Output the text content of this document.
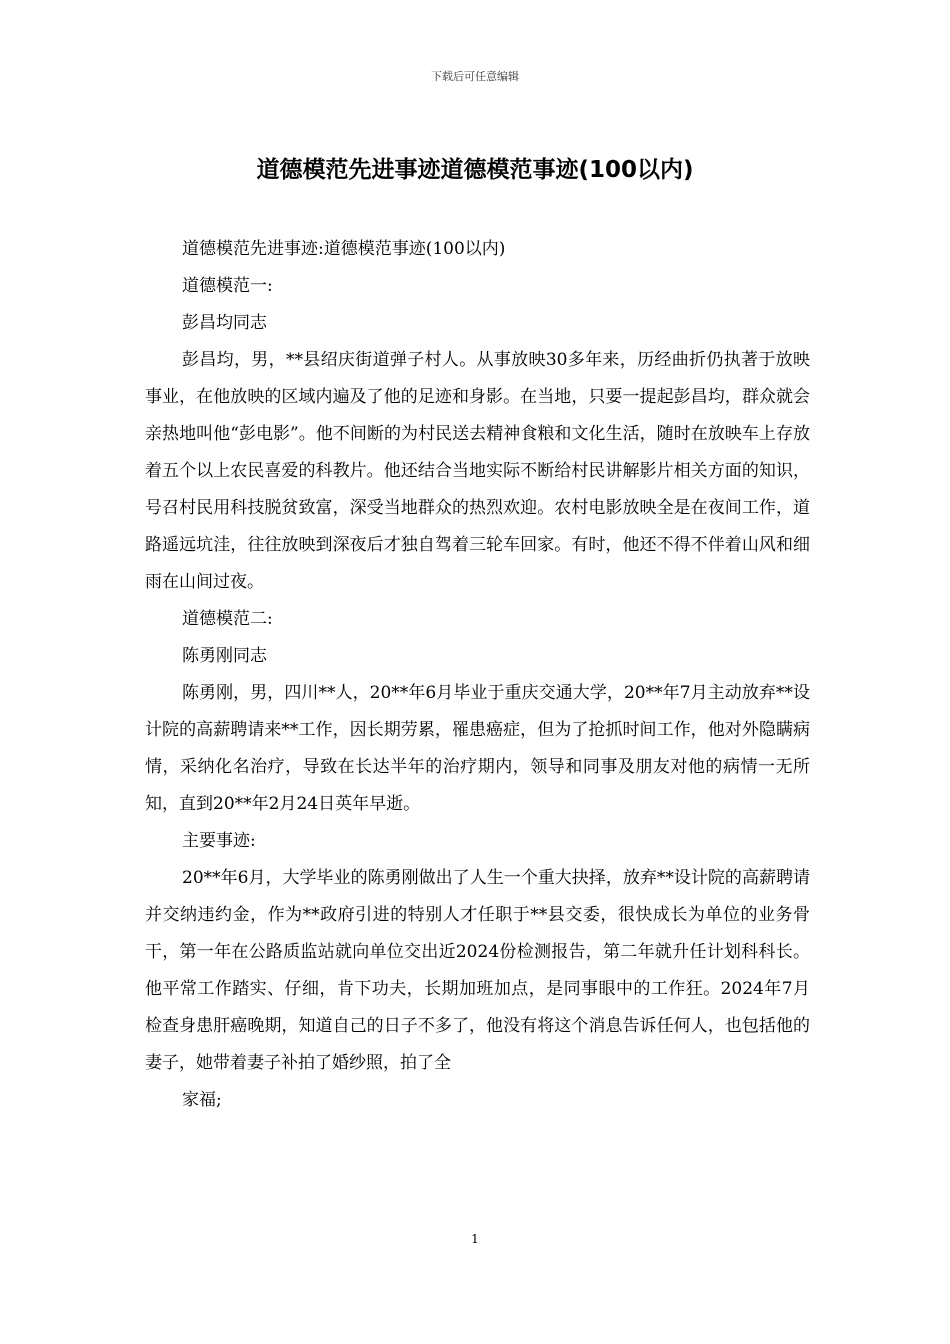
下载后可任意编辑
道德模范先进事迹道德模范事迹(100以内)

道德模范先进事迹:道德模范事迹(100以内)

道德模范一:

彭昌均同志

彭昌均，男，**县绍庆街道弹子村人。从事放映30多年来，历经曲折仍执著于放映事业，在他放映的区域内遍及了他的足迹和身影。在当地，只要一提起彭昌均，群众就会亲热地叫他“彭电影”。他不间断的为村民送去精神食粮和文化生活，随时在放映车上存放着五个以上农民喜爱的科教片。他还结合当地实际不断给村民讲解影片相关方面的知识，号召村民用科技脱贫致富，深受当地群众的热烈欢迎。农村电影放映全是在夜间工作，道路遥远坑洼，往往放映到深夜后才独自驾着三轮车回家。有时，他还不得不伴着山风和细雨在山间过夜。

道德模范二:

陈勇刚同志

陈勇刚，男，四川**人，20**年6月毕业于重庆交通大学，20**年7月主动放弃**设计院的高薪聘请来**工作，因长期劳累，罹患癌症，但为了抢抓时间工作，他对外隐瞒病情，采纳化名治疗，导致在长达半年的治疗期内，领导和同事及朋友对他的病情一无所知，直到20**年2月24日英年早逝。

主要事迹:

20**年6月，大学毕业的陈勇刚做出了人生一个重大抉择，放弃**设计院的高薪聘请并交纳违约金，作为**政府引进的特别人才任职于**县交委，很快成长为单位的业务骨干，第一年在公路质监站就向单位交出近2024份检测报告，第二年就升任计划科科长。他平常工作踏实、仔细，肯下功夫，长期加班加点，是同事眼中的工作狂。2024年7月检查身患肝癌晚期，知道自己的日子不多了，他没有将这个消息告诉任何人，也包括他的妻子，她带着妻子补拍了婚纱照，拍了全

家福;

1
